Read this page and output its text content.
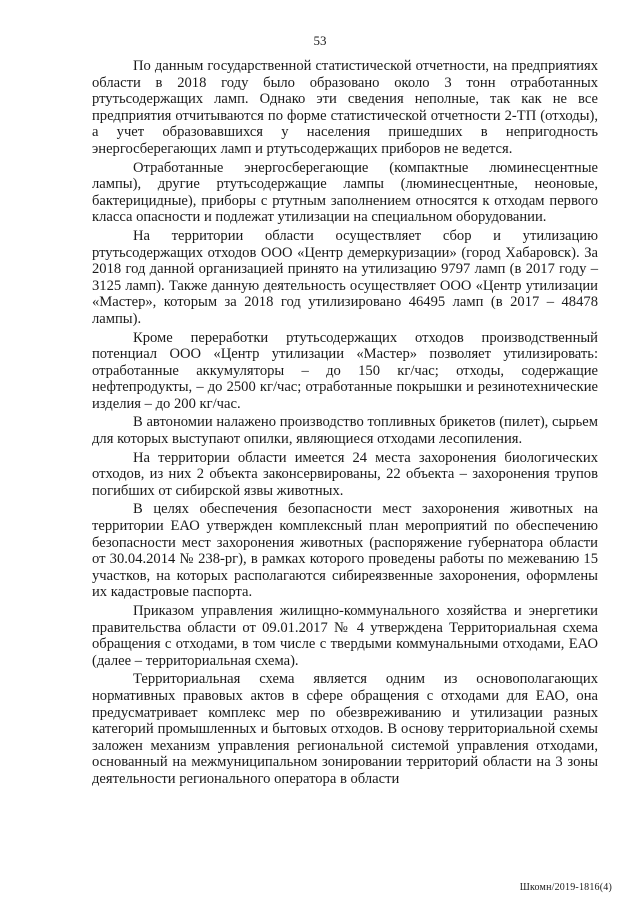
53

По данным государственной статистической отчетности, на предприятиях области в 2018 году было образовано около 3 тонн отработанных ртутьсодержащих ламп. Однако эти сведения неполные, так как не все предприятия отчитываются по форме статистической отчетности 2-ТП (отходы), а учет образовавшихся у населения пришедших в непригодность энергосберегающих ламп и ртутьсодержащих приборов не ведется.

Отработанные энергосберегающие (компактные люминесцентные лампы), другие ртутьсодержащие лампы (люминесцентные, неоновые, бактерицидные), приборы с ртутным заполнением относятся к отходам первого класса опасности и подлежат утилизации на специальном оборудовании.

На территории области осуществляет сбор и утилизацию ртутьсодержащих отходов ООО «Центр демеркуризации» (город Хабаровск). За 2018 год данной организацией принято на утилизацию 9797 ламп (в 2017 году – 3125 ламп). Также данную деятельность осуществляет ООО «Центр утилизации «Мастер», которым за 2018 год утилизировано 46495 ламп (в 2017 – 48478 лампы).

Кроме переработки ртутьсодержащих отходов производственный потенциал ООО «Центр утилизации «Мастер» позволяет утилизировать: отработанные аккумуляторы – до 150 кг/час; отходы, содержащие нефтепродукты, – до 2500 кг/час; отработанные покрышки и резинотехнические изделия – до 200 кг/час.

В автономии налажено производство топливных брикетов (пилет), сырьем для которых выступают опилки, являющиеся отходами лесопиления.

На территории области имеется 24 места захоронения биологических отходов, из них 2 объекта законсервированы, 22 объекта – захоронения трупов погибших от сибирской язвы животных.

В целях обеспечения безопасности мест захоронения животных на территории ЕАО утвержден комплексный план мероприятий по обеспечению безопасности мест захоронения животных (распоряжение губернатора области от 30.04.2014 № 238-рг), в рамках которого проведены работы по межеванию 15 участков, на которых располагаются сибиреязвенные захоронения, оформлены их кадастровые паспорта.

Приказом управления жилищно-коммунального хозяйства и энергетики правительства области от 09.01.2017 № 4 утверждена Территориальная схема обращения с отходами, в том числе с твердыми коммунальными отходами, ЕАО (далее – территориальная схема).

Территориальная схема является одним из основополагающих нормативных правовых актов в сфере обращения с отходами для ЕАО, она предусматривает комплекс мер по обезвреживанию и утилизации разных категорий промышленных и бытовых отходов. В основу территориальной схемы заложен механизм управления региональной системой управления отходами, основанный на межмуниципальном зонировании территорий области на 3 зоны деятельности регионального оператора в области

Шкомн/2019-1816(4)
